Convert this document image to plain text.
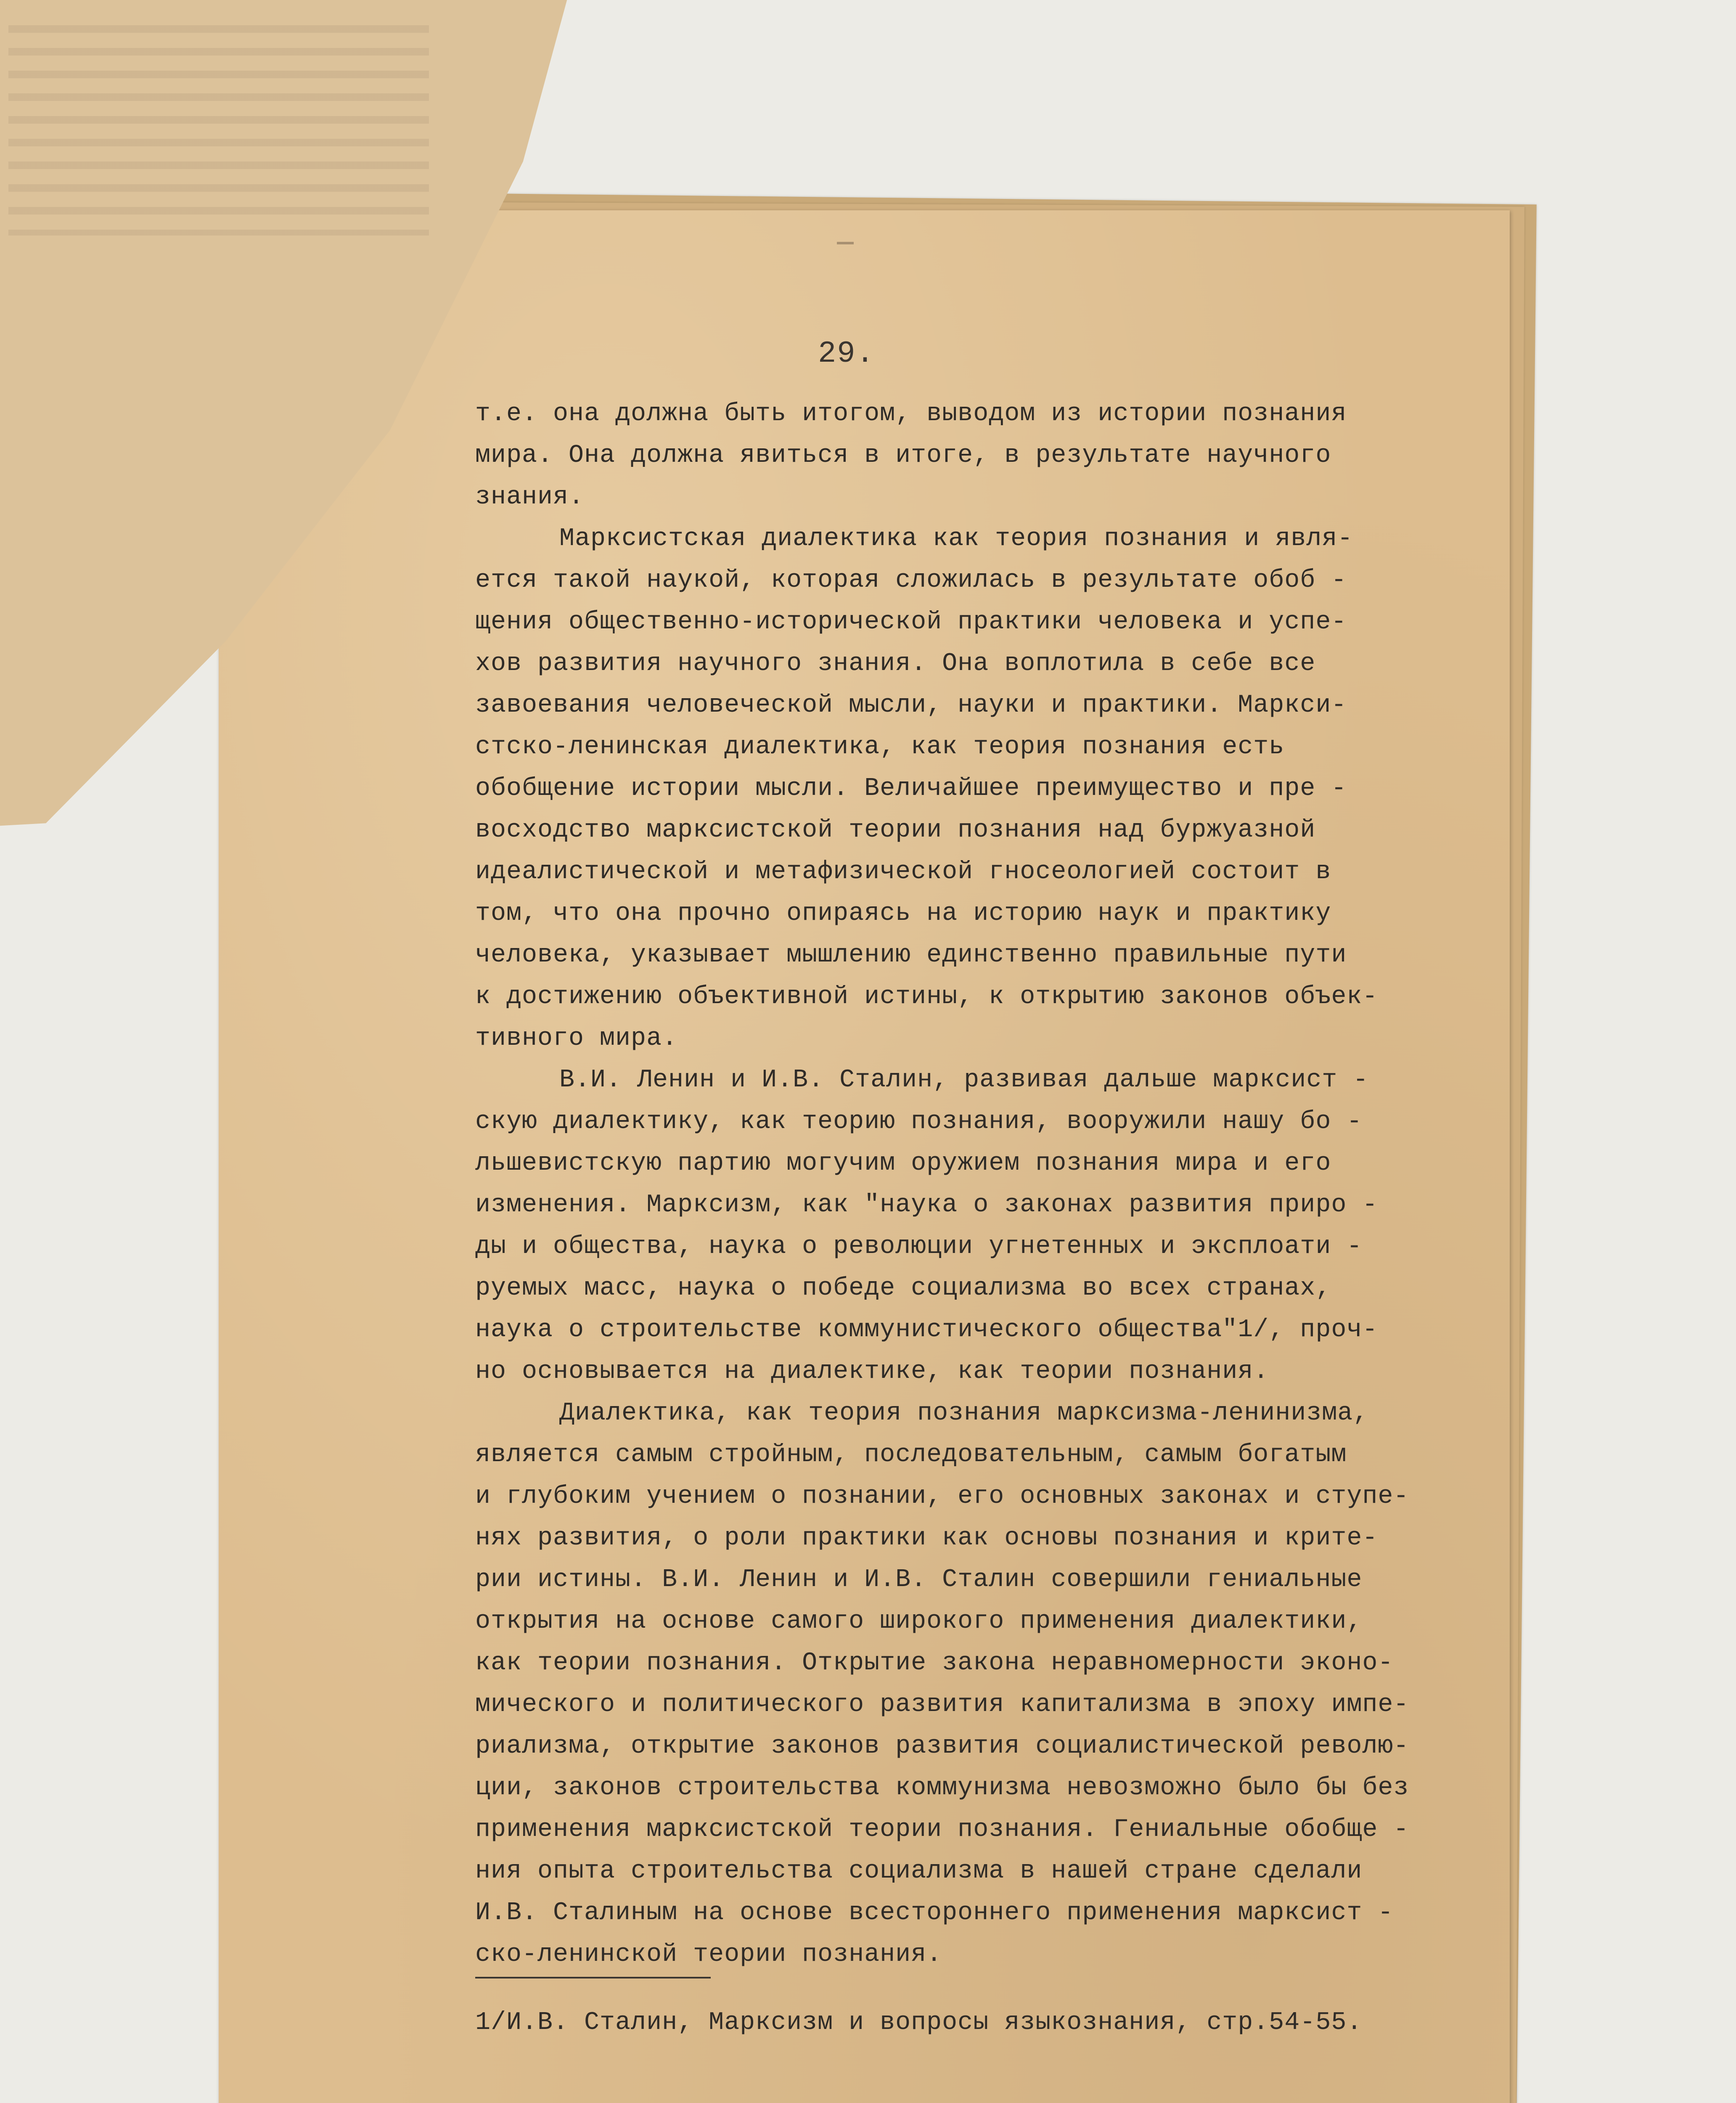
29.
т.е. она должна быть итогом, выводом из истории познания
мира. Она должна явиться в итоге, в результате научного
знания.
Марксистская диалектика как теория познания и явля-
ется такой наукой, которая сложилась в результате обоб -
щения общественно-исторической практики человека и успе-
хов развития научного знания. Она воплотила в себе все
завоевания человеческой мысли, науки и практики. Маркси-
стско-ленинская диалектика, как теория познания есть
обобщение истории мысли. Величайшее преимущество и пре -
восходство марксистской теории познания над буржуазной
идеалистической и метафизической гносеологией состоит в
том, что она прочно опираясь на историю наук и практику
человека, указывает мышлению единственно правильные пути
к достижению объективной истины, к открытию законов объек-
тивного мира.
В.И. Ленин и И.В. Сталин, развивая дальше марксист -
скую диалектику, как теорию познания, вооружили нашу бо -
льшевистскую партию могучим оружием познания мира и его
изменения. Марксизм, как "наука о законах развития приро -
ды и общества, наука о революции угнетенных и эксплоати -
руемых масс, наука о победе социализма во всех странах,
наука о строительстве коммунистического общества"1/, проч-
но основывается на диалектике, как теории познания.
Диалектика, как теория познания марксизма-ленинизма,
является самым стройным, последовательным, самым богатым
и глубоким учением о познании, его основных законах и ступе-
нях развития, о роли практики как основы познания и крите-
рии истины. В.И. Ленин и И.В. Сталин совершили гениальные
открытия на основе самого широкого применения диалектики,
как теории познания. Открытие закона неравномерности эконо-
мического и политического развития капитализма в эпоху импе-
риализма, открытие законов развития социалистической револю-
ции, законов строительства коммунизма невозможно было бы без
применения марксистской теории познания. Гениальные обобще -
ния опыта строительства социализма в нашей стране сделали
И.В. Сталиным на основе всестороннего применения марксист -
ско-ленинской теории познания.
1/И.В. Сталин, Марксизм и вопросы языкознания, стр.54-55.
